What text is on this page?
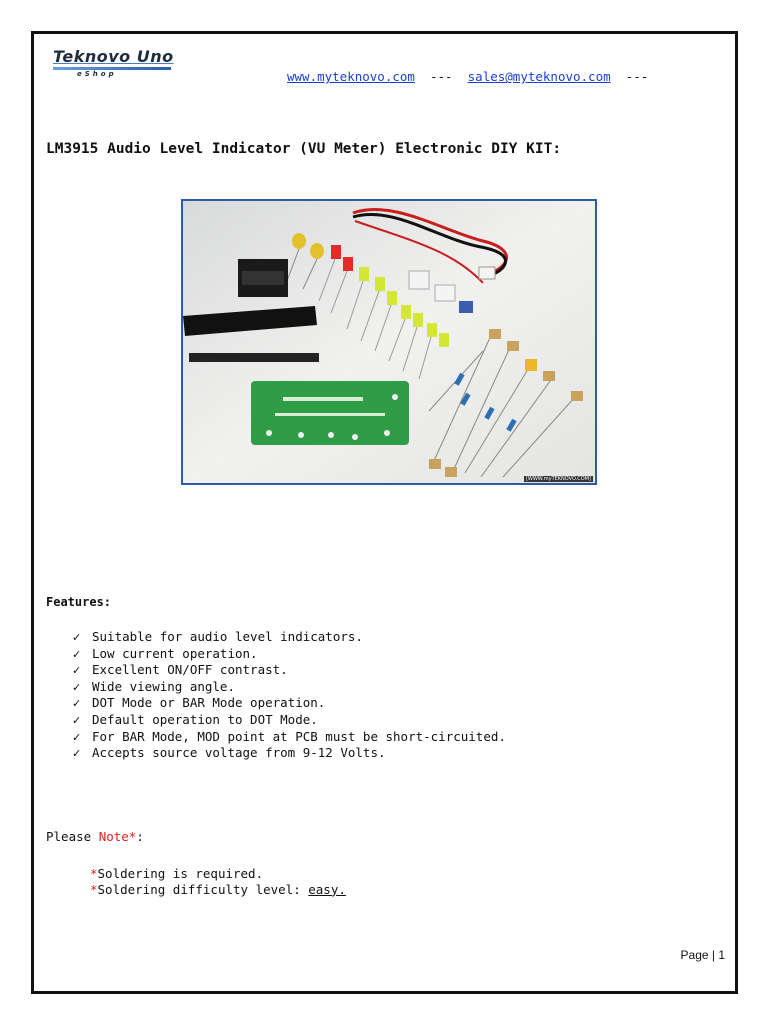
Teknovo Uno
eShop	www.myteknovo.com --- sales@myteknovo.com ---
LM3915 Audio Level Indicator (VU Meter) Electronic DIY KIT:
[WWW.myTEKNOVO.COM]
Features:
✓ Suitable for audio level indicators.
✓ Low current operation.
✓ Excellent ON/OFF contrast.
✓ Wide viewing angle.
✓ DOT Mode or BAR Mode operation.
✓ Default operation to DOT Mode.
✓ For BAR Mode, MOD point at PCB must be short-circuited.
✓ Accepts source voltage from 9-12 Volts.
Please Note*:
*Soldering is required.
*Soldering difficulty level: easy.
Page | 1
